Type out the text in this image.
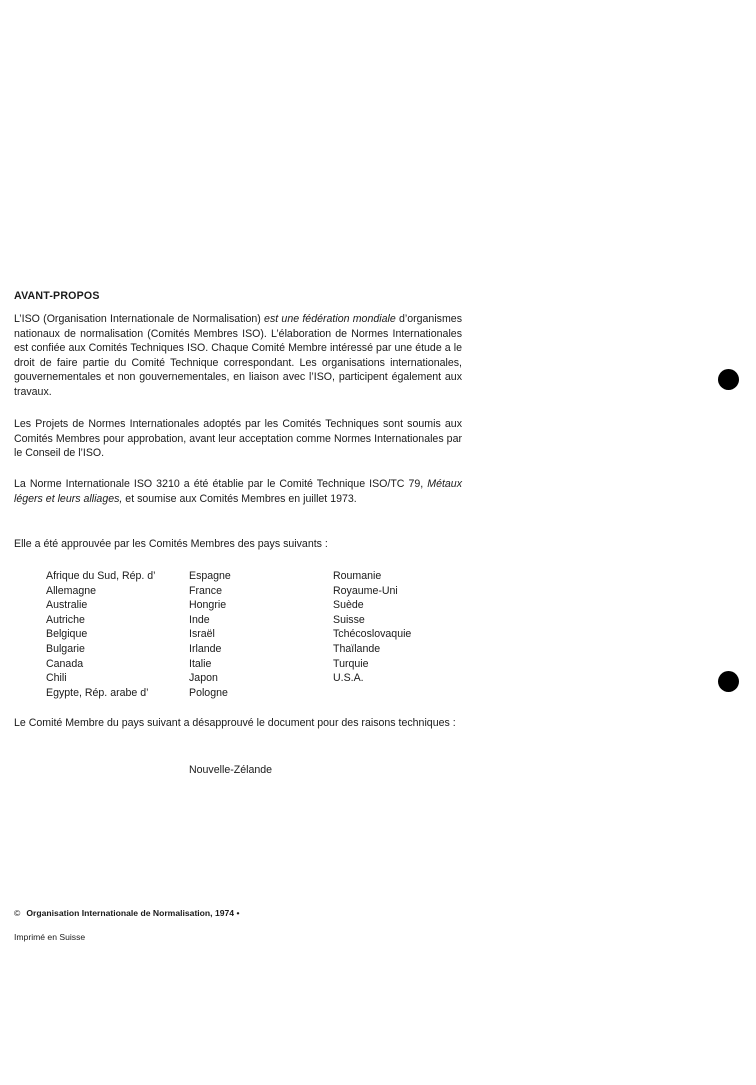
AVANT-PROPOS
L’ISO (Organisation Internationale de Normalisation) est une fédération mondiale d’organismes nationaux de normalisation (Comités Membres ISO). L’élaboration de Normes Internationales est confiée aux Comités Techniques ISO. Chaque Comité Membre intéressé par une étude a le droit de faire partie du Comité Technique correspondant. Les organisations internationales, gouvernementales et non gouvernementales, en liaison avec l’ISO, participent également aux travaux.
Les Projets de Normes Internationales adoptés par les Comités Techniques sont soumis aux Comités Membres pour approbation, avant leur acceptation comme Normes Internationales par le Conseil de l’ISO.
La Norme Internationale ISO 3210 a été établie par le Comité Technique ISO/TC 79, Métaux légers et leurs alliages, et soumise aux Comités Membres en juillet 1973.
Elle a été approuvée par les Comités Membres des pays suivants :
Afrique du Sud, Rép. d’
Allemagne
Australie
Autriche
Belgique
Bulgarie
Canada
Chili
Egypte, Rép. arabe d’
Espagne
France
Hongrie
Inde
Israël
Irlande
Italie
Japon
Pologne
Roumanie
Royaume-Uni
Suède
Suisse
Tchécoslovaquie
Thaïlande
Turquie
U.S.A.
Le Comité Membre du pays suivant a désapprouvé le document pour des raisons techniques :
Nouvelle-Zélande
© Organisation Internationale de Normalisation, 1974 •
Imprimé en Suisse
